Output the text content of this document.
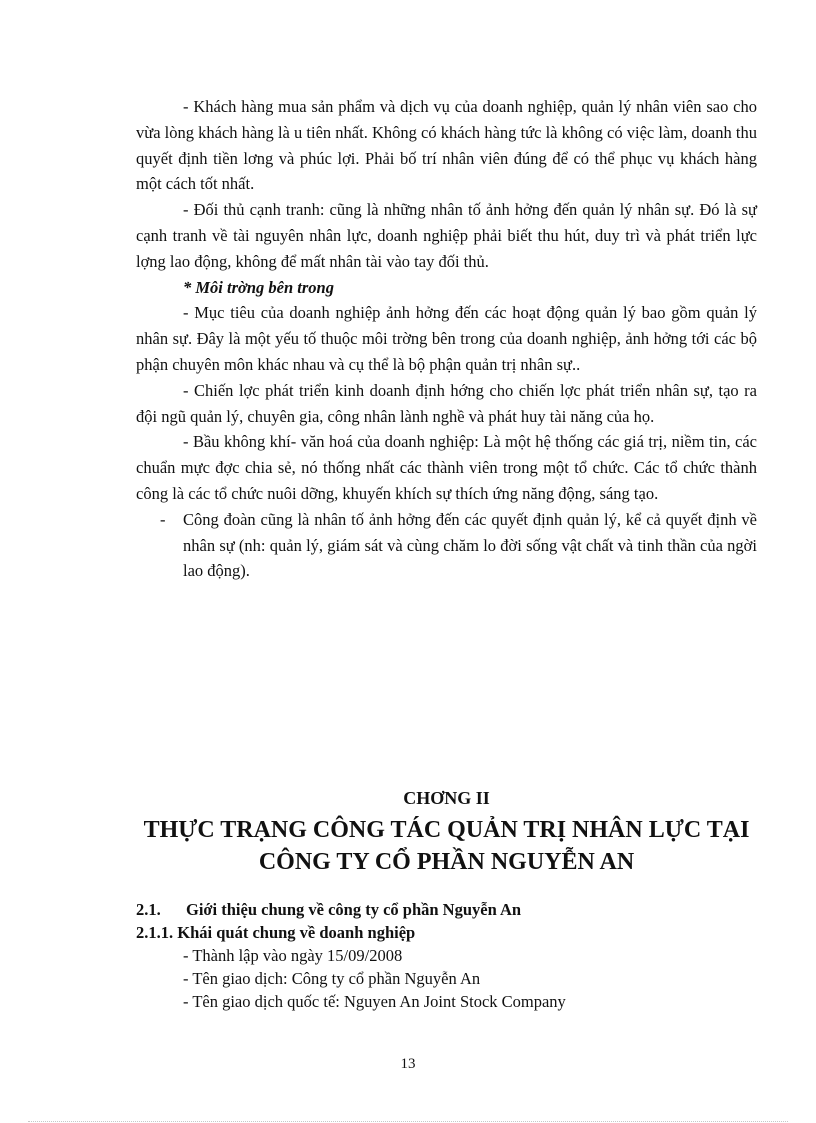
- Khách hàng mua sản phẩm và dịch vụ của doanh nghiệp, quản lý nhân viên sao cho vừa lòng khách hàng là u tiên nhất. Không có khách hàng tức là không có việc làm, doanh thu quyết định tiền lơng và phúc lợi. Phải bố trí nhân viên đúng để có thể phục vụ khách hàng một cách tốt nhất.

- Đối thủ cạnh tranh: cũng là những nhân tố ảnh hởng đến quản lý nhân sự. Đó là sự cạnh tranh về tài nguyên nhân lực, doanh nghiệp phải biết thu hút, duy trì và phát triển lực lợng lao động, không để mất nhân tài vào tay đối thủ.

* Môi trờng bên trong

- Mục tiêu của doanh nghiệp ảnh hởng đến các hoạt động quản lý bao gồm quản lý nhân sự. Đây là một yếu tố thuộc môi trờng bên trong của doanh nghiệp, ảnh hởng tới các bộ phận chuyên môn khác nhau và cụ thể là bộ phận quản trị nhân sự..

- Chiến lợc phát triển kinh doanh định hớng cho chiến lợc phát triển nhân sự, tạo ra đội ngũ quản lý, chuyên gia, công nhân lành nghề và phát huy tài năng của họ.

- Bầu không khí- văn hoá của doanh nghiệp: Là một hệ thống các giá trị, niềm tin, các chuẩn mực đợc chia sẻ, nó thống nhất các thành viên trong một tổ chức. Các tổ chức thành công là các tổ chức nuôi dỡng, khuyến khích sự thích ứng năng động, sáng tạo.

- Công đoàn cũng là nhân tố ảnh hởng đến các quyết định quản lý, kể cả quyết định về nhân sự (nh: quản lý, giám sát và cùng chăm lo đời sống vật chất và tinh thần của ngời lao động).
CHƠNG II
THỰC TRẠNG CÔNG TÁC QUẢN TRỊ NHÂN LỰC TẠI
CÔNG TY CỔ PHẦN NGUYỄN AN
2.1. Giới thiệu chung về công ty cổ phần Nguyễn An
2.1.1. Khái quát chung về doanh nghiệp
- Thành lập vào ngày 15/09/2008
- Tên giao dịch: Công ty cổ phần Nguyễn An
- Tên giao dịch quốc tế: Nguyen An Joint Stock Company
13
